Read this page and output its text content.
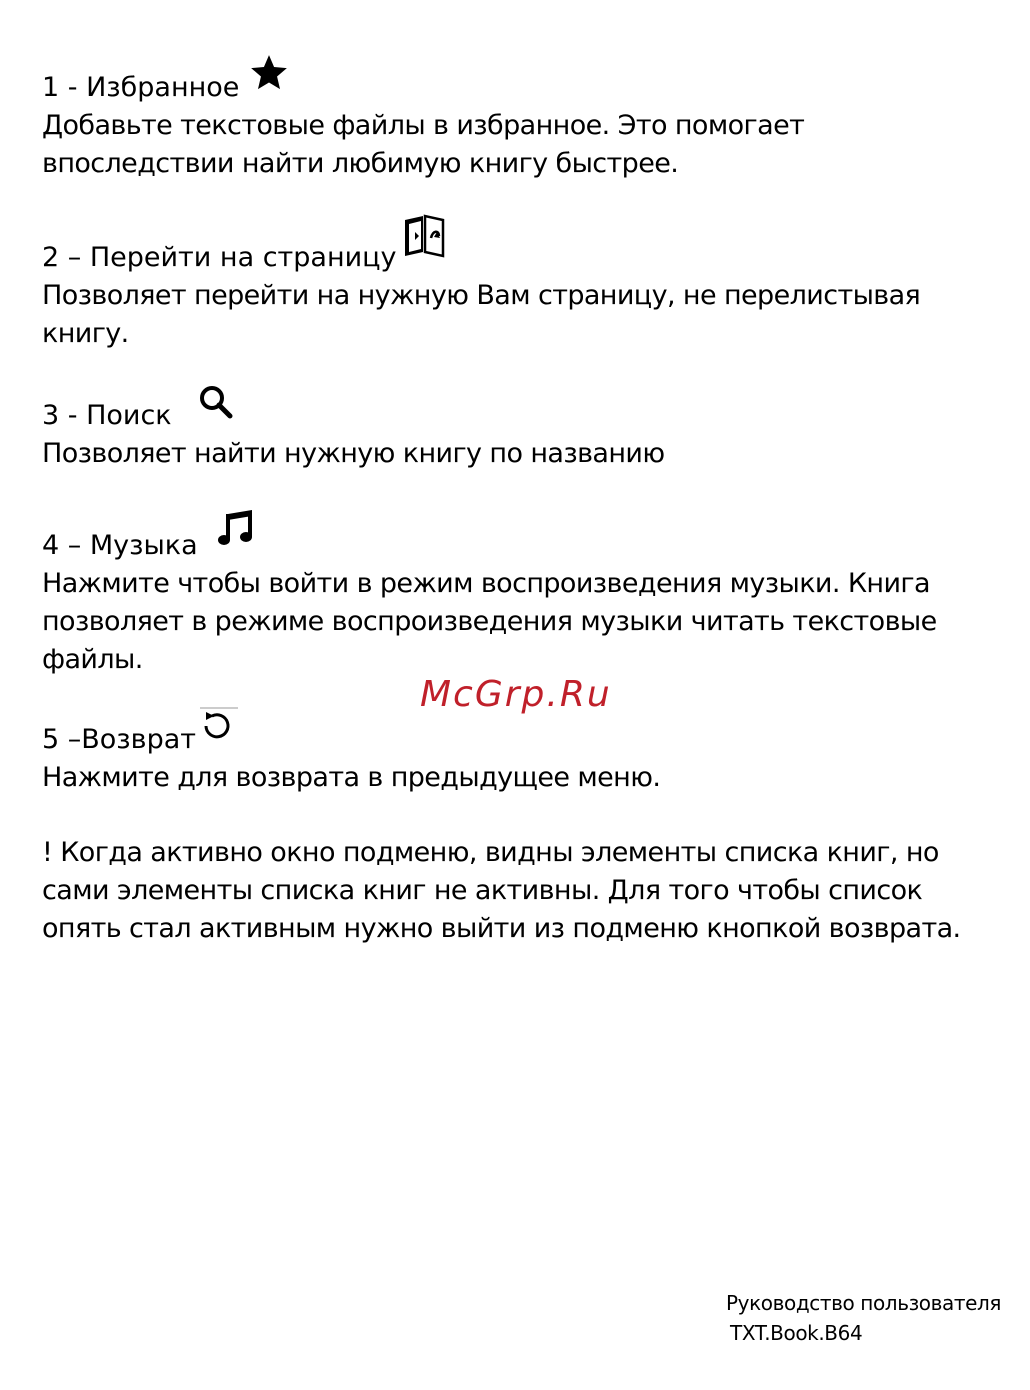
1 - Избранное

Добавьте текстовые файлы в избранное. Это помогает

впоследствии найти любимую книгу быстрее.

2 – Перейти на страницу

Позволяет перейти на нужную Вам страницу, не перелистывая

книгу.

3 - Поиск

Позволяет найти нужную книгу по названию

4 – Музыка

Нажмите чтобы войти в режим воспроизведения музыки. Книга

позволяет в режиме воспроизведения музыки читать текстовые

файлы.

McGrp.Ru
5 –Возврат

Нажмите для возврата в предыдущее меню.

! Когда активно окно подменю, видны элементы списка книг, но

сами элементы списка книг не активны. Для того чтобы список

опять стал активным нужно выйти из подменю кнопкой возврата.

Руководство пользователя
TXT.Book.B64
